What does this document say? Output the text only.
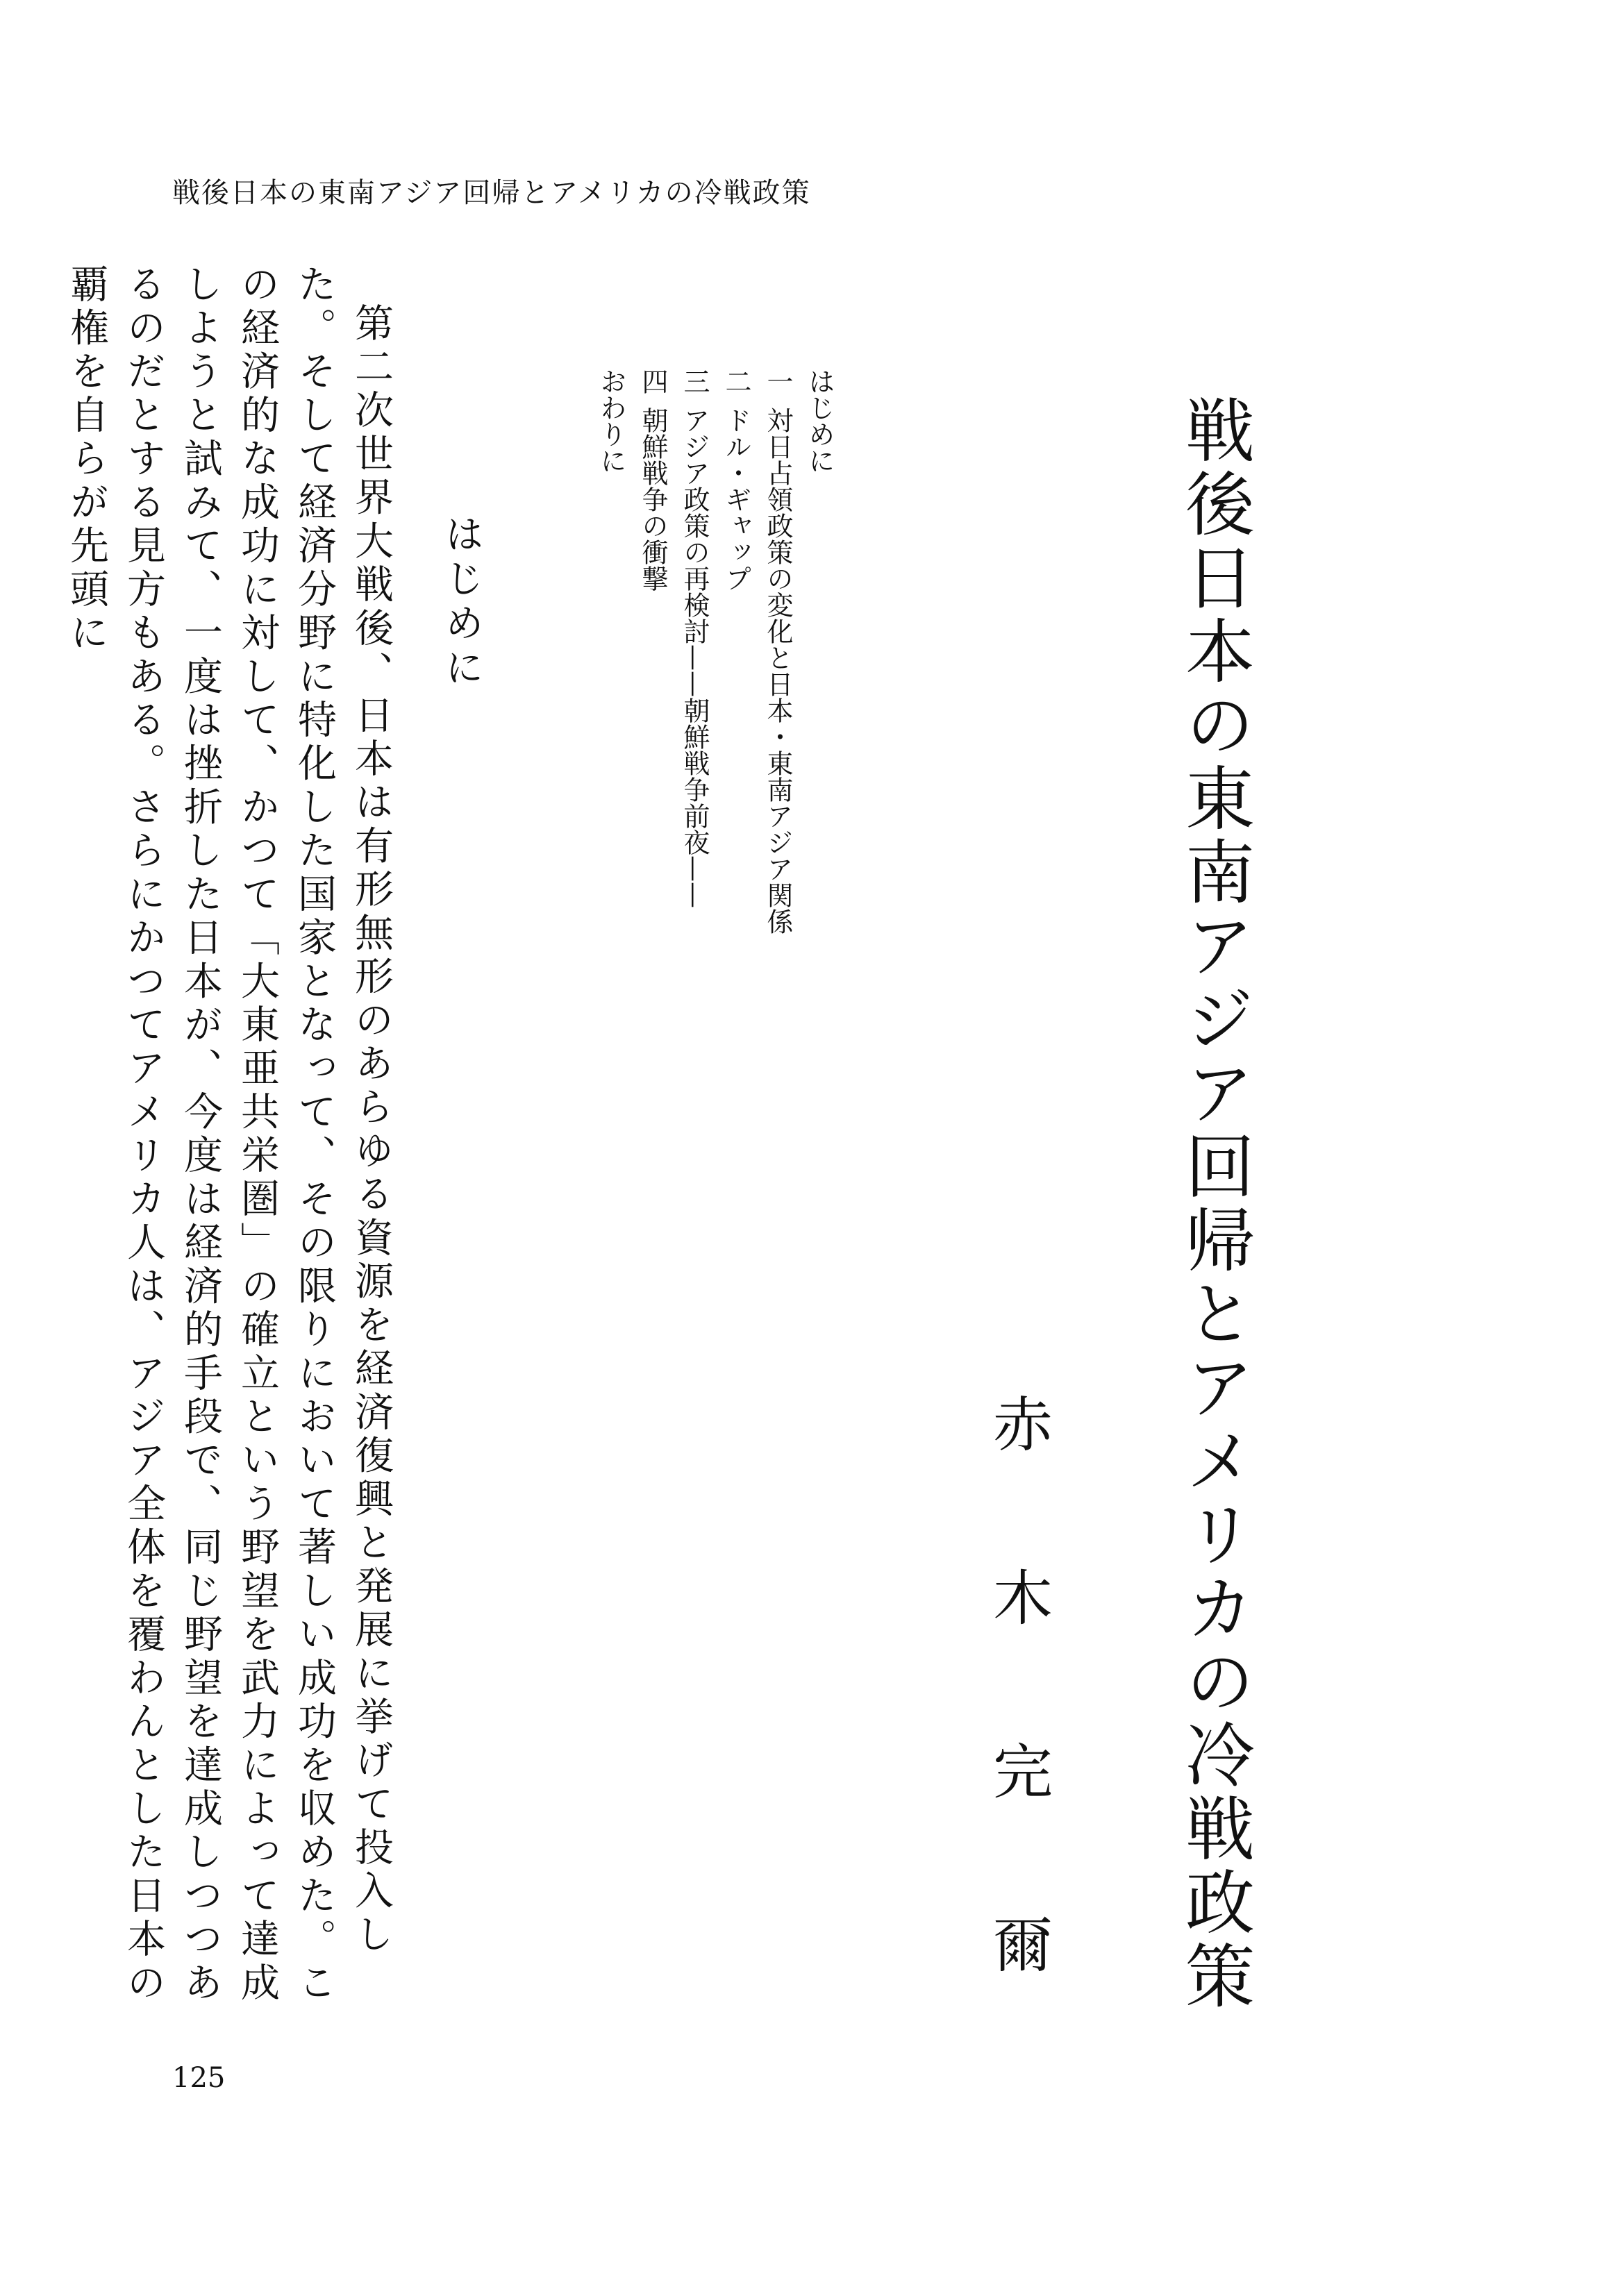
戦後日本の東南アジア回帰とアメリカの冷戦政策
戦後日本の東南アジア回帰とアメリカの冷戦政策
赤
木
完
爾
はじめに
一対日占領政策の変化と日本・東南アジア関係
二ドル・ギャップ
三アジア政策の再検討——朝鮮戦争前夜——
四朝鮮戦争の衝撃
おわりに
はじめに

第二次世界大戦後、日本は有形無形のあらゆる資源を経済復興と発展に挙げて投入した。そして経済分野に特化した国家となって、その限りにおいて著しい成功を収めた。この経済的な成功に対して、かつて「大東亜共栄圏」の確立という野望を武力によって達成しようと試みて、一度は挫折した日本が、今度は経済的手段で、同じ野望を達成しつつあるのだとする見方もある。さらにかつてアメリカ人は、アジア全体を覆わんとした日本の覇権を自らが先頭に

125
